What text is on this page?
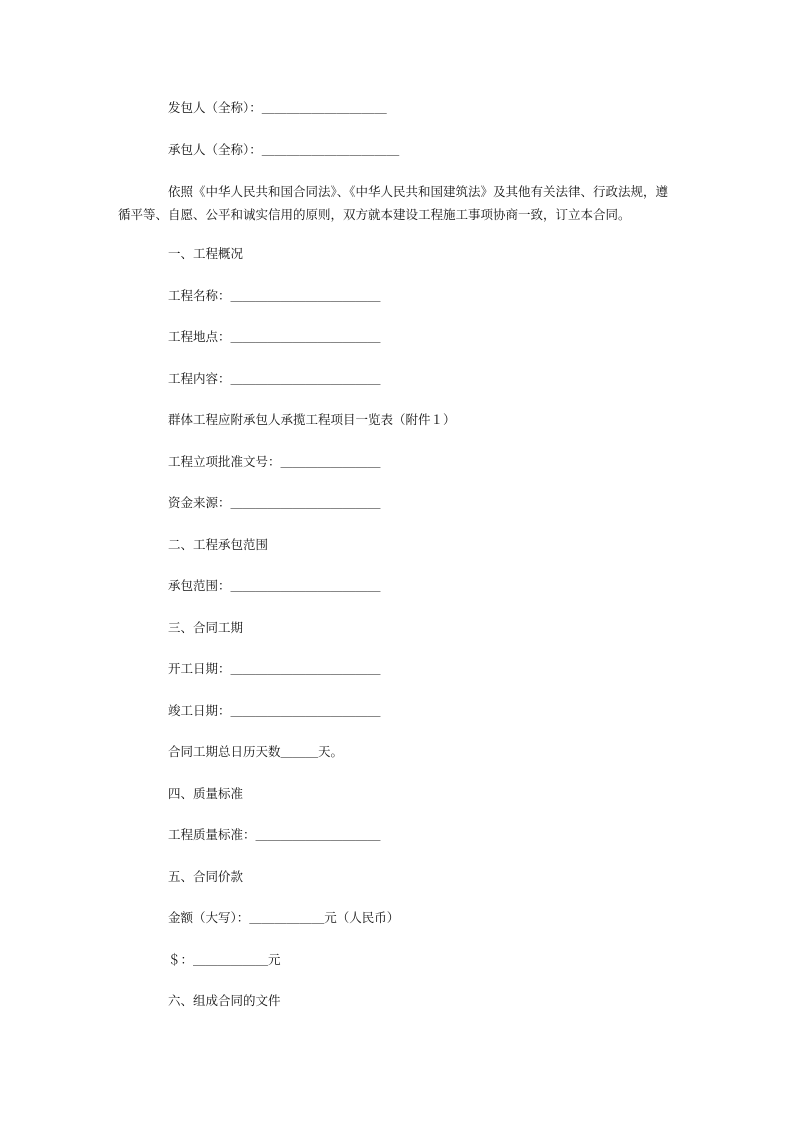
发包人（全称）：＿＿＿＿＿＿＿＿＿＿
承包人（全称）：＿＿＿＿＿＿＿＿＿＿＿
依照《中华人民共和国合同法》、《中华人民共和国建筑法》及其他有关法律、行政法规，遵循平等、自愿、公平和诚实信用的原则，双方就本建设工程施工事项协商一致，订立本合同。
一、工程概况
工程名称：＿＿＿＿＿＿＿＿＿＿＿＿
工程地点：＿＿＿＿＿＿＿＿＿＿＿＿
工程内容：＿＿＿＿＿＿＿＿＿＿＿＿
群体工程应附承包人承揽工程项目一览表（附件１）
工程立项批准文号：＿＿＿＿＿＿＿＿
资金来源：＿＿＿＿＿＿＿＿＿＿＿＿
二、工程承包范围
承包范围：＿＿＿＿＿＿＿＿＿＿＿＿
三、合同工期
开工日期：＿＿＿＿＿＿＿＿＿＿＿＿
竣工日期：＿＿＿＿＿＿＿＿＿＿＿＿
合同工期总日历天数＿＿＿天。
四、质量标准
工程质量标准：＿＿＿＿＿＿＿＿＿＿
五、合同价款
金额（大写）：＿＿＿＿＿＿元（人民币）
＄：＿＿＿＿＿＿元
六、组成合同的文件
